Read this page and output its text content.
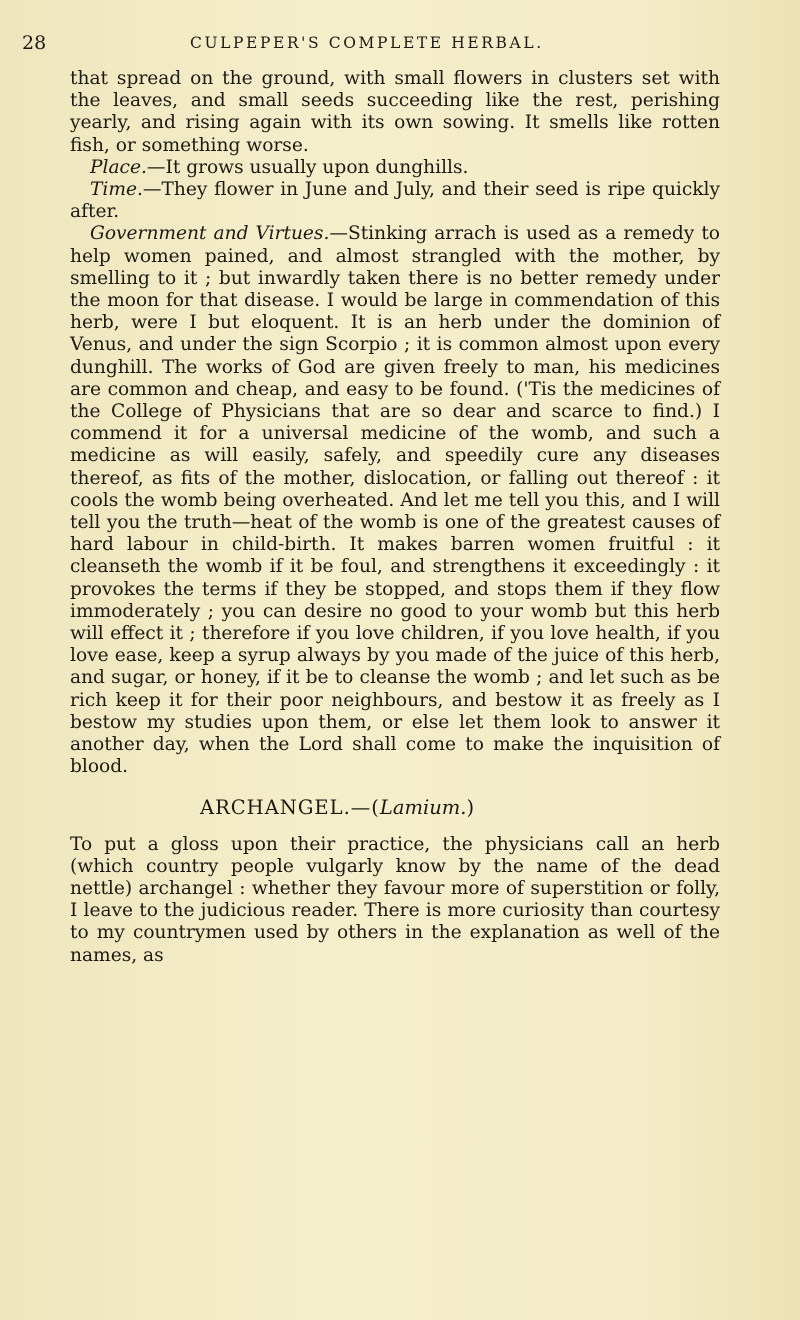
28	CULPEPER'S COMPLETE HERBAL.

that spread on the ground, with small flowers in clusters set with the leaves, and small seeds succeeding like the rest, perishing yearly, and rising again with its own sowing. It smells like rotten fish, or something worse.

Place.—It grows usually upon dunghills.

Time.—They flower in June and July, and their seed is ripe quickly after.

Government and Virtues.—Stinking arrach is used as a remedy to help women pained, and almost strangled with the mother, by smelling to it ; but inwardly taken there is no better remedy under the moon for that disease. I would be large in commendation of this herb, were I but eloquent. It is an herb under the dominion of Venus, and under the sign Scorpio ; it is common almost upon every dunghill. The works of God are given freely to man, his medicines are common and cheap, and easy to be found. ('Tis the medicines of the College of Physicians that are so dear and scarce to find.) I commend it for a universal medicine of the womb, and such a medicine as will easily, safely, and speedily cure any diseases thereof, as fits of the mother, dislocation, or falling out thereof : it cools the womb being overheated. And let me tell you this, and I will tell you the truth—heat of the womb is one of the greatest causes of hard labour in child-birth. It makes barren women fruitful : it cleanseth the womb if it be foul, and strengthens it exceedingly : it provokes the terms if they be stopped, and stops them if they flow immoderately ; you can desire no good to your womb but this herb will effect it ; therefore if you love children, if you love health, if you love ease, keep a syrup always by you made of the juice of this herb, and sugar, or honey, if it be to cleanse the womb ; and let such as be rich keep it for their poor neighbours, and bestow it as freely as I bestow my studies upon them, or else let them look to answer it another day, when the Lord shall come to make the inquisition of blood.

ARCHANGEL.—(Lamium.)

To put a gloss upon their practice, the physicians call an herb (which country people vulgarly know by the name of the dead nettle) archangel : whether they favour more of superstition or folly, I leave to the judicious reader. There is more curiosity than courtesy to my countrymen used by others in the explanation as well of the names, as
